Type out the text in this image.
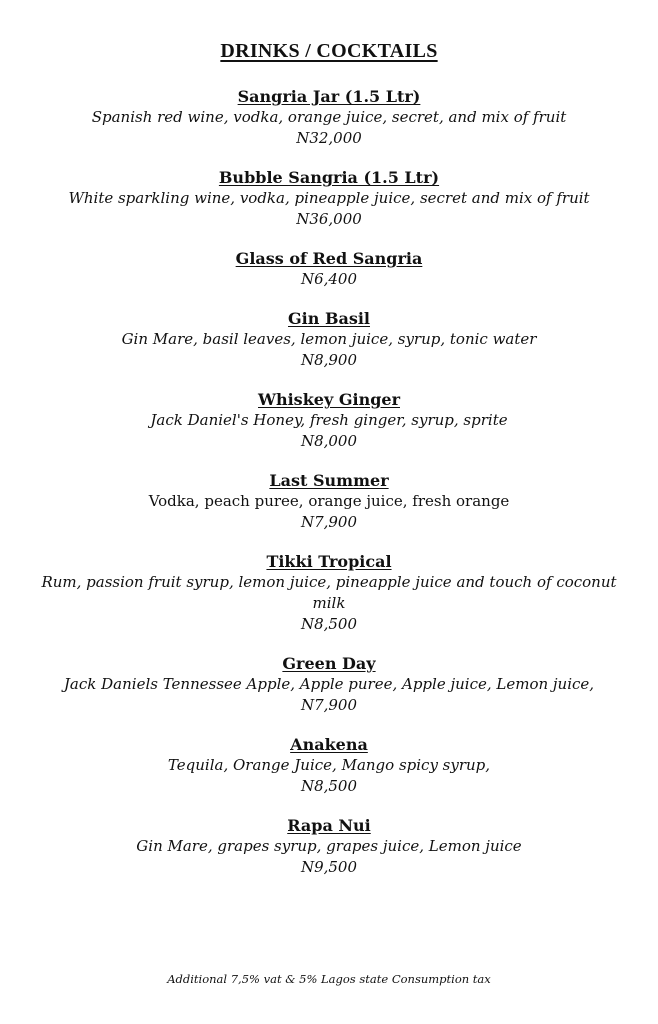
DRINKS / COCKTAILS
Sangria Jar (1.5 Ltr)
Spanish red wine, vodka, orange juice, secret, and mix of fruit
N32,000
Bubble Sangria (1.5 Ltr)
White sparkling wine, vodka, pineapple juice, secret and mix of fruit
N36,000
Glass of Red Sangria
N6,400
Gin Basil
Gin Mare, basil leaves, lemon juice, syrup, tonic water
N8,900
Whiskey Ginger
Jack Daniel's Honey, fresh ginger, syrup, sprite
N8,000
Last Summer
Vodka, peach puree, orange juice, fresh orange
N7,900
Tikki Tropical
Rum, passion fruit syrup, lemon juice, pineapple juice and touch of coconut milk
N8,500
Green Day
Jack Daniels Tennessee Apple, Apple puree, Apple juice, Lemon juice,
N7,900
Anakena
Tequila, Orange Juice, Mango spicy syrup,
N8,500
Rapa Nui
Gin Mare, grapes syrup, grapes juice, Lemon juice
N9,500
Additional 7,5% vat & 5% Lagos state Consumption tax
